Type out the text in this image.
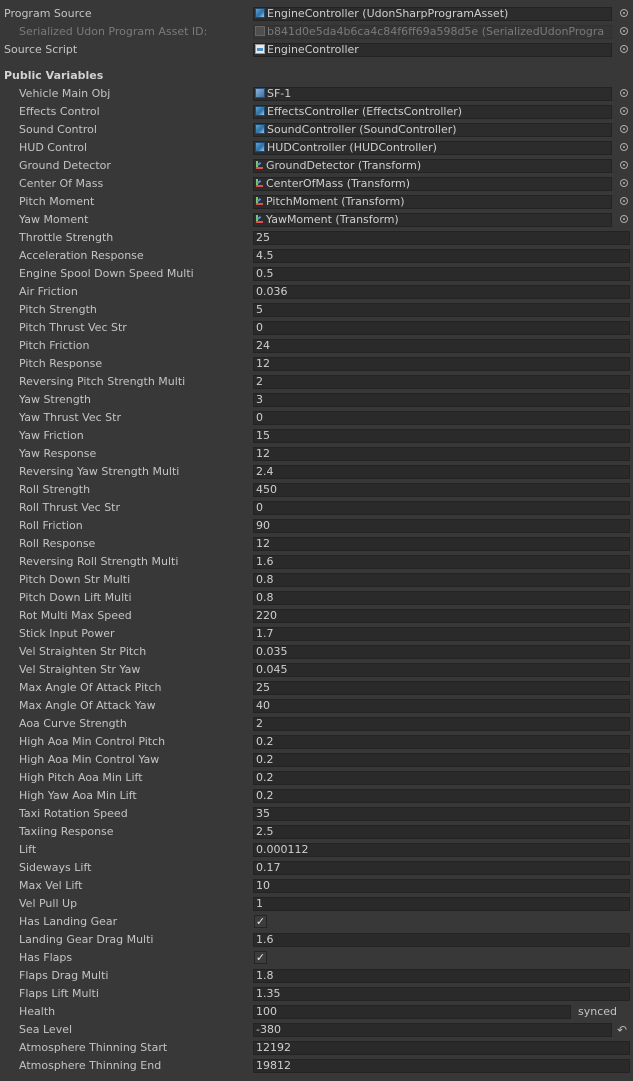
Program Source	EngineController (UdonSharpProgramAsset)
Serialized Udon Program Asset ID:	b841d0e5da4b6ca4c84f6ff69a598d5e (SerializedUdonProgra
Source Script	EngineController
Public Variables
Vehicle Main Obj	SF-1
Effects Control	EffectsController (EffectsController)
Sound Control	SoundController (SoundController)
HUD Control	HUDController (HUDController)
Ground Detector	GroundDetector (Transform)
Center Of Mass	CenterOfMass (Transform)
Pitch Moment	PitchMoment (Transform)
Yaw Moment	YawMoment (Transform)
Throttle Strength	25
Acceleration Response	4.5
Engine Spool Down Speed Multi	0.5
Air Friction	0.036
Pitch Strength	5
Pitch Thrust Vec Str	0
Pitch Friction	24
Pitch Response	12
Reversing Pitch Strength Multi	2
Yaw Strength	3
Yaw Thrust Vec Str	0
Yaw Friction	15
Yaw Response	12
Reversing Yaw Strength Multi	2.4
Roll Strength	450
Roll Thrust Vec Str	0
Roll Friction	90
Roll Response	12
Reversing Roll Strength Multi	1.6
Pitch Down Str Multi	0.8
Pitch Down Lift Multi	0.8
Rot Multi Max Speed	220
Stick Input Power	1.7
Vel Straighten Str Pitch	0.035
Vel Straighten Str Yaw	0.045
Max Angle Of Attack Pitch	25
Max Angle Of Attack Yaw	40
Aoa Curve Strength	2
High Aoa Min Control Pitch	0.2
High Aoa Min Control Yaw	0.2
High Pitch Aoa Min Lift	0.2
High Yaw Aoa Min Lift	0.2
Taxi Rotation Speed	35
Taxiing Response	2.5
Lift	0.000112
Sideways Lift	0.17
Max Vel Lift	10
Vel Pull Up	1
Has Landing Gear	✓
Landing Gear Drag Multi	1.6
Has Flaps	✓
Flaps Drag Multi	1.8
Flaps Lift Multi	1.35
Health	100	synced
Sea Level	-380	↶
Atmosphere Thinning Start	12192
Atmosphere Thinning End	19812
